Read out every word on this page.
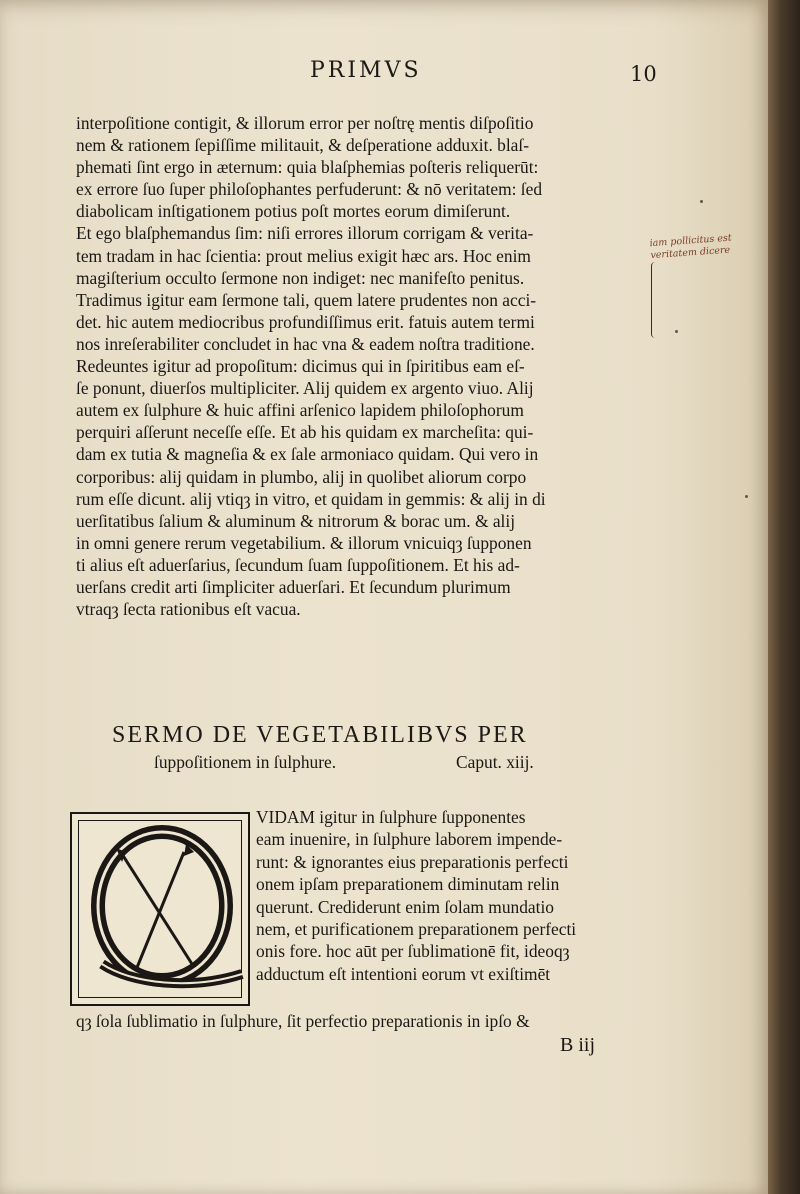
PRIMVS	10
interpoſitione contigit, & illorum error per noſtrę mentis diſpoſitio
nem & rationem ſepiſſime militauit, & deſperatione adduxit. blaſ-
phemati ſint ergo in æternum: quia blaſphemias poſteris reliquerūt:
ex errore ſuo ſuper philoſophantes perfuderunt: & nō veritatem: ſed
diabolicam inſtigationem potius poſt mortes eorum dimiſerunt.
Et ego blaſphemandus ſim: niſi errores illorum corrigam & verita-
tem tradam in hac ſcientia: prout melius exigit hæc ars. Hoc enim
magiſterium occulto ſermone non indiget: nec manifeſto penitus.
Tradimus igitur eam ſermone tali, quem latere prudentes non acci-
det. hic autem mediocribus profundiſſimus erit. fatuis autem termi
nos inreſerabiliter concludet in hac vna & eadem noſtra traditione.
Redeuntes igitur ad propoſitum: dicimus qui in ſpiritibus eam eſ-
ſe ponunt, diuerſos multipliciter. Alij quidem ex argento viuo. Alij
autem ex ſulphure & huic affini arſenico lapidem philoſophorum
perquiri aſſerunt neceſſe eſſe. Et ab his quidam ex marcheſita: qui-
dam ex tutia & magneſia & ex ſale armoniaco quidam. Qui vero in
corporibus: alij quidam in plumbo, alij in quolibet aliorum corpo
rum eſſe dicunt. alij vtiqȝ in vitro, et quidam in gemmis: & alij in di
uerſitatibus ſalium & aluminum & nitrorum & borac um. & alij
in omni genere rerum vegetabilium. & illorum vnicuiqȝ ſupponen
ti alius eſt aduerſarius, ſecundum ſuam ſuppoſitionem. Et his ad-
uerſans credit arti ſimpliciter aduerſari. Et ſecundum plurimum
vtraqȝ ſecta rationibus eſt vacua.
iam pollicitus est veritatem dicere
SERMO DE VEGETABILIBVS PER
ſuppoſitionem in ſulphure.	Caput. xiij.
VIDAM igitur in ſulphure ſupponentes
eam inuenire, in ſulphure laborem impende-
runt: & ignorantes eius preparationis perfecti
onem ipſam preparationem diminutam relin
querunt. Crediderunt enim ſolam mundatio
nem, et purificationem preparationem perfecti
onis fore. hoc aūt per ſublimationē fit, ideoqȝ
adductum eſt intentioni eorum vt exiſtimēt
qȝ ſola ſublimatio in ſulphure, ſit perfectio preparationis in ipſo &
B iij
